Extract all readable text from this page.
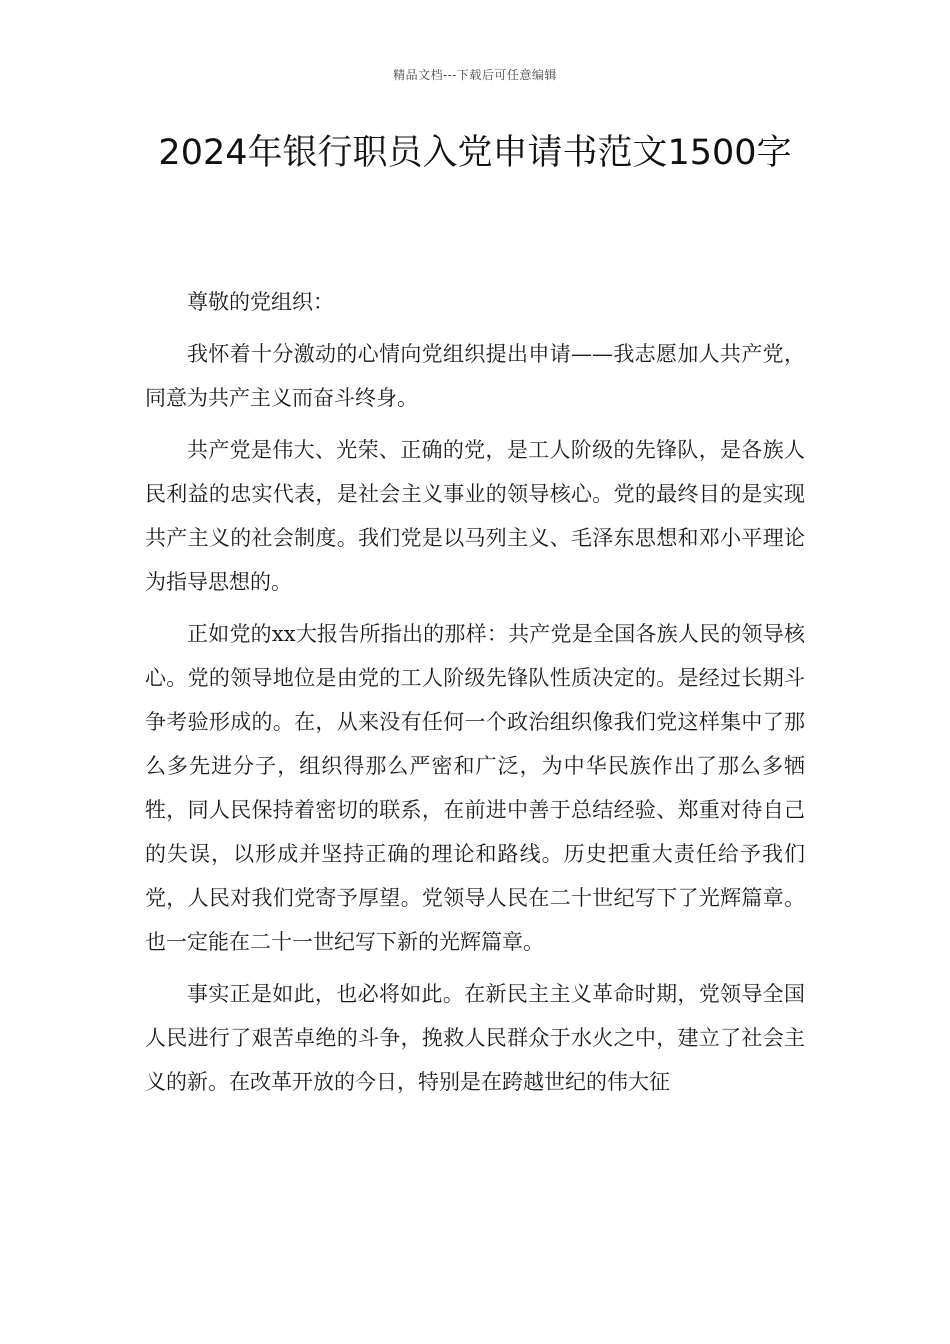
精品文档---下载后可任意编辑
2024年银行职员入党申请书范文1500字

尊敬的党组织：

我怀着十分激动的心情向党组织提出申请——我志愿加人共产党，同意为共产主义而奋斗终身。

共产党是伟大、光荣、正确的党，是工人阶级的先锋队，是各族人民利益的忠实代表，是社会主义事业的领导核心。党的最终目的是实现共产主义的社会制度。我们党是以马列主义、毛泽东思想和邓小平理论为指导思想的。

正如党的xx大报告所指出的那样：共产党是全国各族人民的领导核心。党的领导地位是由党的工人阶级先锋队性质决定的。是经过长期斗争考验形成的。在，从来没有任何一个政治组织像我们党这样集中了那么多先进分子，组织得那么严密和广泛，为中华民族作出了那么多牺牲，同人民保持着密切的联系，在前进中善于总结经验、郑重对待自己的失误，以形成并坚持正确的理论和路线。历史把重大责任给予我们党，人民对我们党寄予厚望。党领导人民在二十世纪写下了光辉篇章。也一定能在二十一世纪写下新的光辉篇章。

事实正是如此，也必将如此。在新民主主义革命时期，党领导全国人民进行了艰苦卓绝的斗争，挽救人民群众于水火之中，建立了社会主义的新。在改革开放的今日，特别是在跨越世纪的伟大征
